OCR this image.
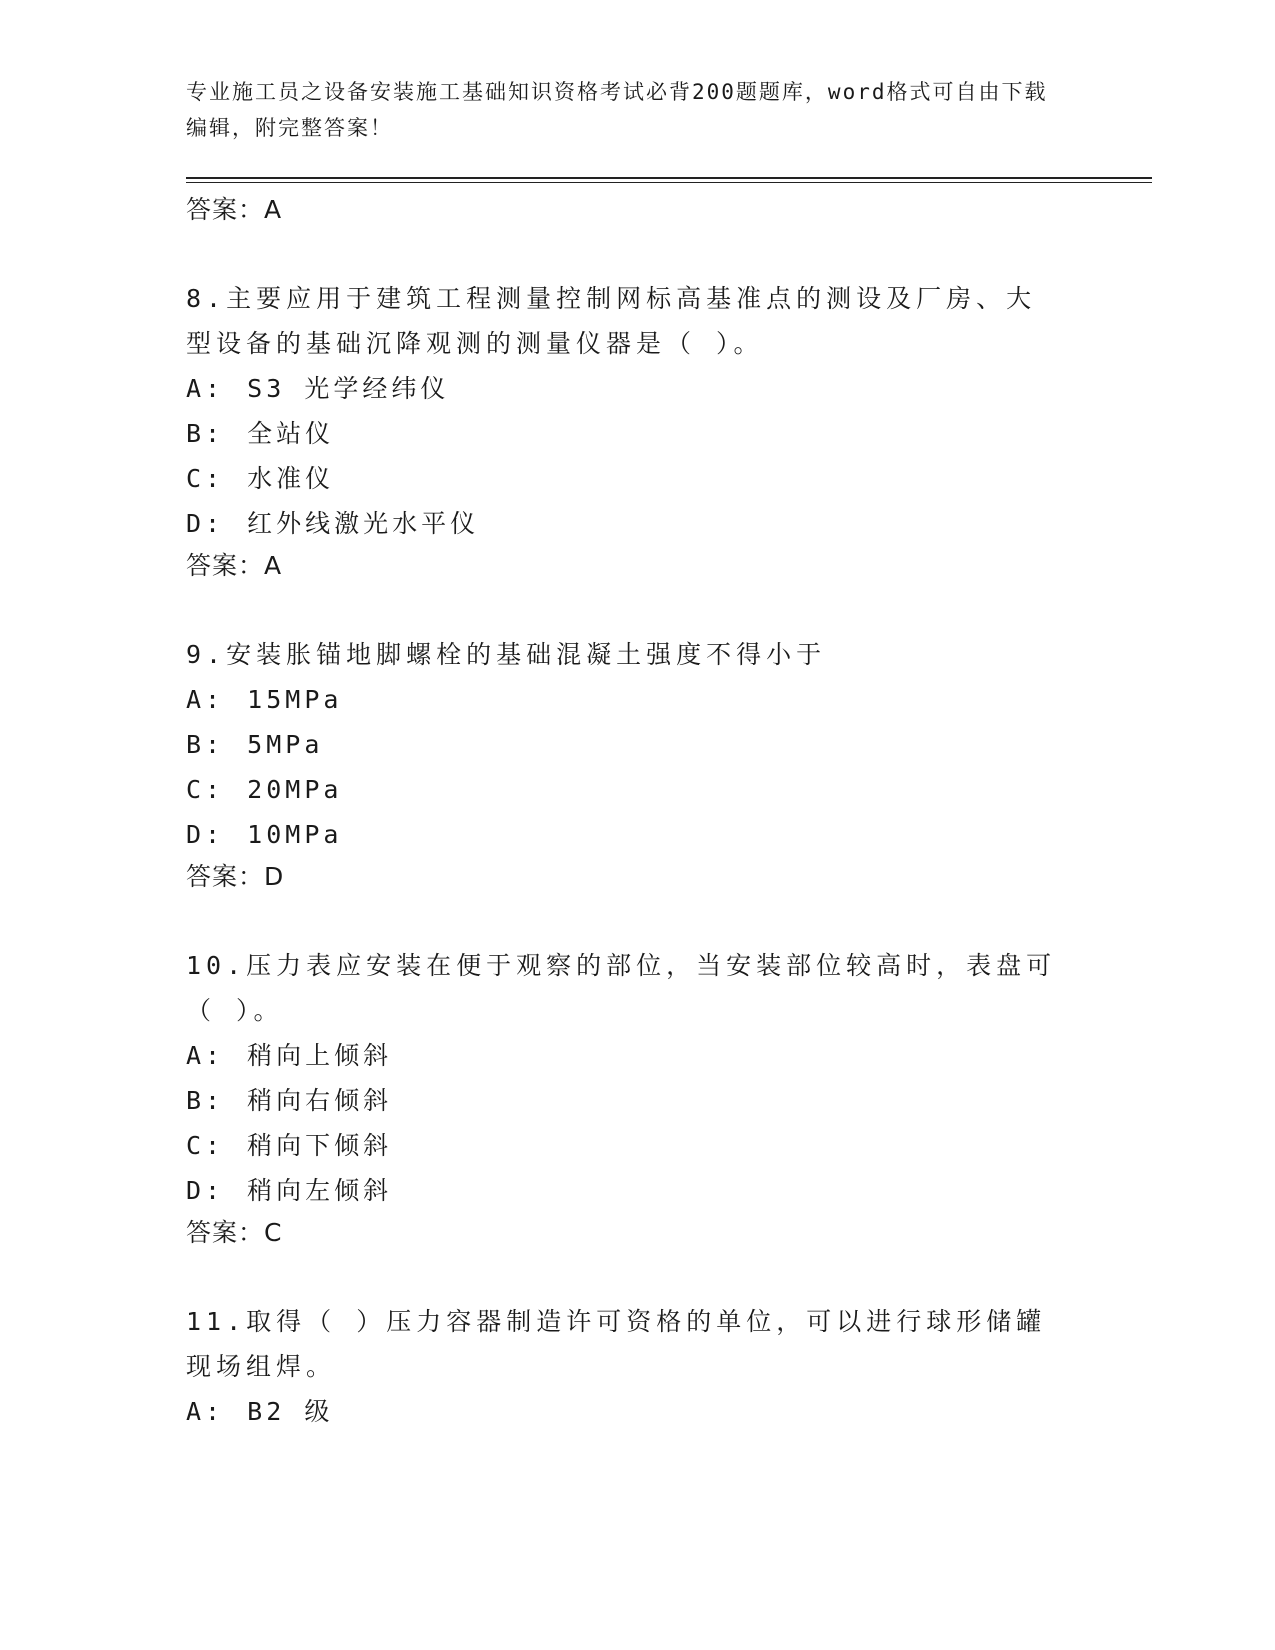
专业施工员之设备安装施工基础知识资格考试必背200题题库，word格式可自由下载编辑，附完整答案！

答案：A

8.主要应用于建筑工程测量控制网标高基准点的测设及厂房、大型设备的基础沉降观测的测量仪器是（ ）。

A: S3 光学经纬仪

B: 全站仪

C: 水准仪

D: 红外线激光水平仪

答案：A

9.安装胀锚地脚螺栓的基础混凝土强度不得小于

A: 15MPa

B: 5MPa

C: 20MPa

D: 10MPa

答案：D

10.压力表应安装在便于观察的部位，当安装部位较高时，表盘可（ ）。

A: 稍向上倾斜

B: 稍向右倾斜

C: 稍向下倾斜

D: 稍向左倾斜

答案：C

11.取得（ ）压力容器制造许可资格的单位，可以进行球形储罐现场组焊。

A: B2 级
